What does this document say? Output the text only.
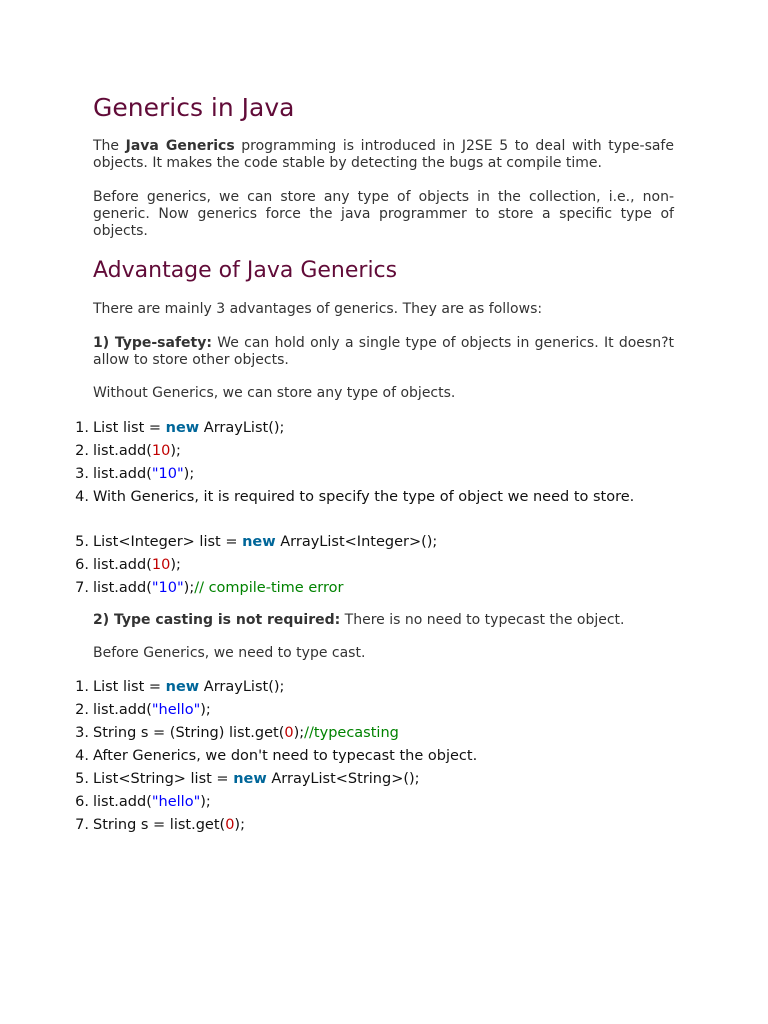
Generics in Java

The Java Generics programming is introduced in J2SE 5 to deal with type-safe objects. It makes the code stable by detecting the bugs at compile time.

Before generics, we can store any type of objects in the collection, i.e., non-generic. Now generics force the java programmer to store a specific type of objects.

Advantage of Java Generics

There are mainly 3 advantages of generics. They are as follows:

1) Type-safety: We can hold only a single type of objects in generics. It doesn?t allow to store other objects.

Without Generics, we can store any type of objects.

1. List list = new ArrayList();
2. list.add(10);
3. list.add("10");
4. With Generics, it is required to specify the type of object we need to store.
5. List<Integer> list = new ArrayList<Integer>();
6. list.add(10);
7. list.add("10");// compile-time error

2) Type casting is not required: There is no need to typecast the object.

Before Generics, we need to type cast.

1. List list = new ArrayList();
2. list.add("hello");
3. String s = (String) list.get(0);//typecasting
4. After Generics, we don't need to typecast the object.
5. List<String> list = new ArrayList<String>();
6. list.add("hello");
7. String s = list.get(0);
